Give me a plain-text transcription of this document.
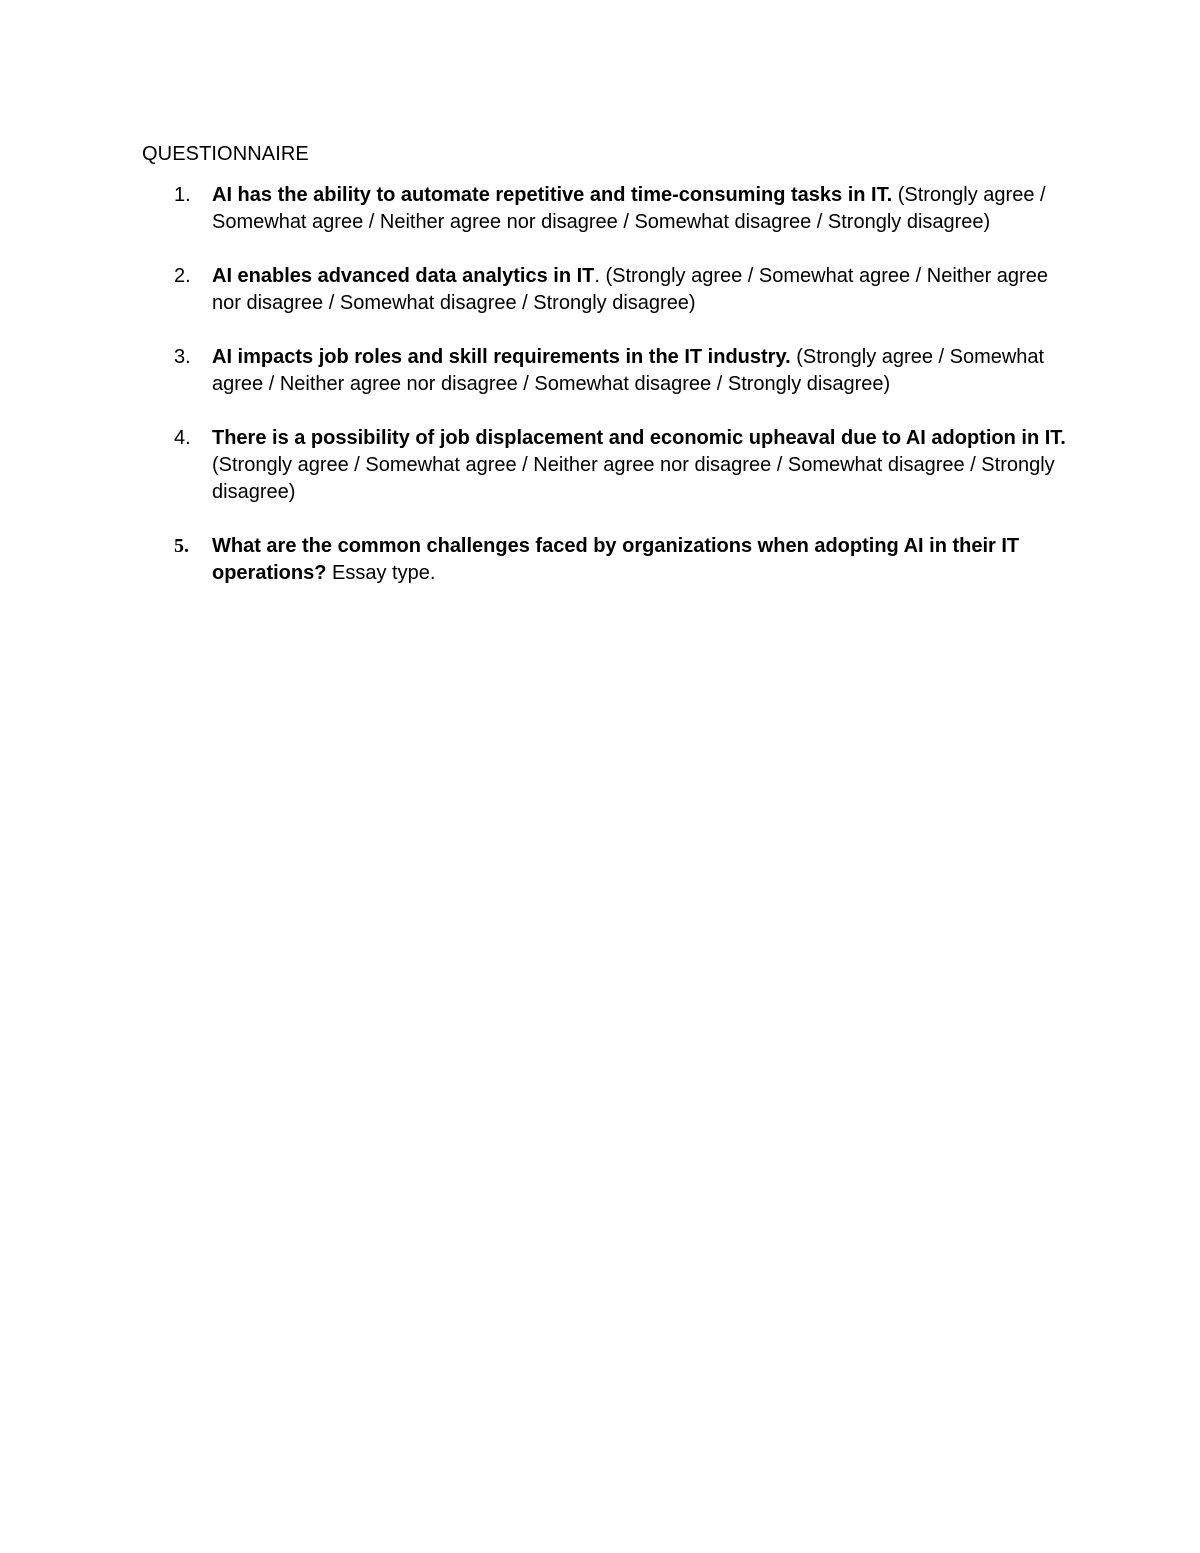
QUESTIONNAIRE
1. AI has the ability to automate repetitive and time-consuming tasks in IT. (Strongly agree / Somewhat agree / Neither agree nor disagree / Somewhat disagree / Strongly disagree)
2. AI enables advanced data analytics in IT. (Strongly agree / Somewhat agree / Neither agree nor disagree / Somewhat disagree / Strongly disagree)
3. AI impacts job roles and skill requirements in the IT industry. (Strongly agree / Somewhat agree / Neither agree nor disagree / Somewhat disagree / Strongly disagree)
4. There is a possibility of job displacement and economic upheaval due to AI adoption in IT. (Strongly agree / Somewhat agree / Neither agree nor disagree / Somewhat disagree / Strongly disagree)
5. What are the common challenges faced by organizations when adopting AI in their IT operations? Essay type.
